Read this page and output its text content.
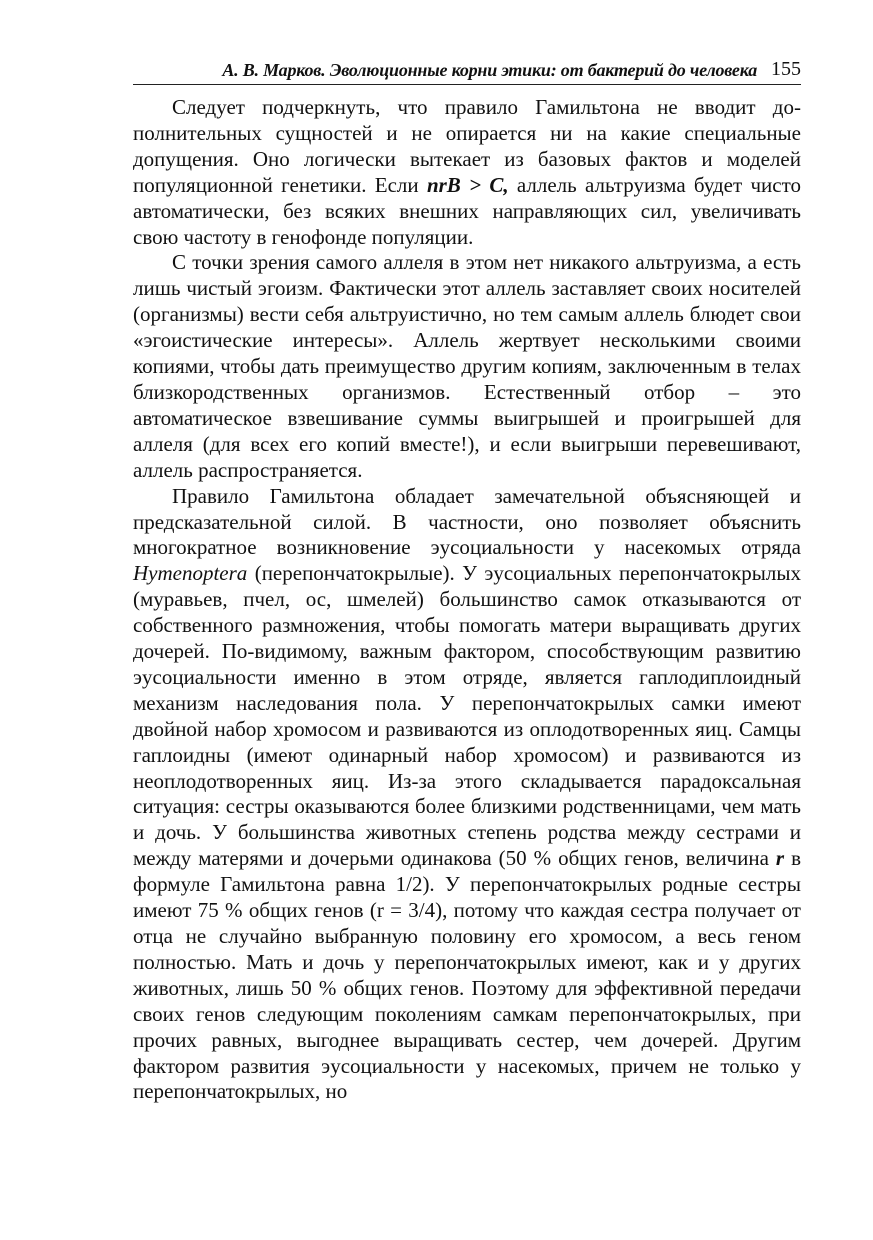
А. В. Марков. Эволюционные корни этики: от бактерий до человека 155

Следует подчеркнуть, что правило Гамильтона не вводит дополнительных сущностей и не опирается ни на какие специальные допущения. Оно логически вытекает из базовых фактов и моделей популяционной генетики. Если nrB > C, аллель альтруизма будет чисто автоматически, без всяких внешних направляющих сил, увеличивать свою частоту в генофонде популяции.

С точки зрения самого аллеля в этом нет никакого альтруизма, а есть лишь чистый эгоизм. Фактически этот аллель заставляет своих носителей (организмы) вести себя альтруистично, но тем самым аллель блюдет свои «эгоистические интересы». Аллель жертвует несколькими своими копиями, чтобы дать преимущество другим копиям, заключенным в телах близкородственных организмов. Естественный отбор – это автоматическое взвешивание суммы выигрышей и проигрышей для аллеля (для всех его копий вместе!), и если выигрыши перевешивают, аллель распространяется.

Правило Гамильтона обладает замечательной объясняющей и предсказательной силой. В частности, оно позволяет объяснить многократное возникновение эусоциальности у насекомых отряда Hymenoptera (перепончатокрылые). У эусоциальных перепончатокрылых (муравьев, пчел, ос, шмелей) большинство самок отказываются от собственного размножения, чтобы помогать матери выращивать других дочерей. По-видимому, важным фактором, способствующим развитию эусоциальности именно в этом отряде, является гаплодиплоидный механизм наследования пола. У перепончатокрылых самки имеют двойной набор хромосом и развиваются из оплодотворенных яиц. Самцы гаплоидны (имеют одинарный набор хромосом) и развиваются из неоплодотворенных яиц. Из-за этого складывается парадоксальная ситуация: сестры оказываются более близкими родственницами, чем мать и дочь. У большинства животных степень родства между сестрами и между матерями и дочерьми одинакова (50 % общих генов, величина r в формуле Гамильтона равна 1/2). У перепончатокрылых родные сестры имеют 75 % общих генов (r = 3/4), потому что каждая сестра получает от отца не случайно выбранную половину его хромосом, а весь геном полностью. Мать и дочь у перепончатокрылых имеют, как и у других животных, лишь 50 % общих генов. Поэтому для эффективной передачи своих генов следующим поколениям самкам перепончатокрылых, при прочих равных, выгоднее выращивать сестер, чем дочерей. Другим фактором развития эусоциальности у насекомых, причем не только у перепончатокрылых, но
